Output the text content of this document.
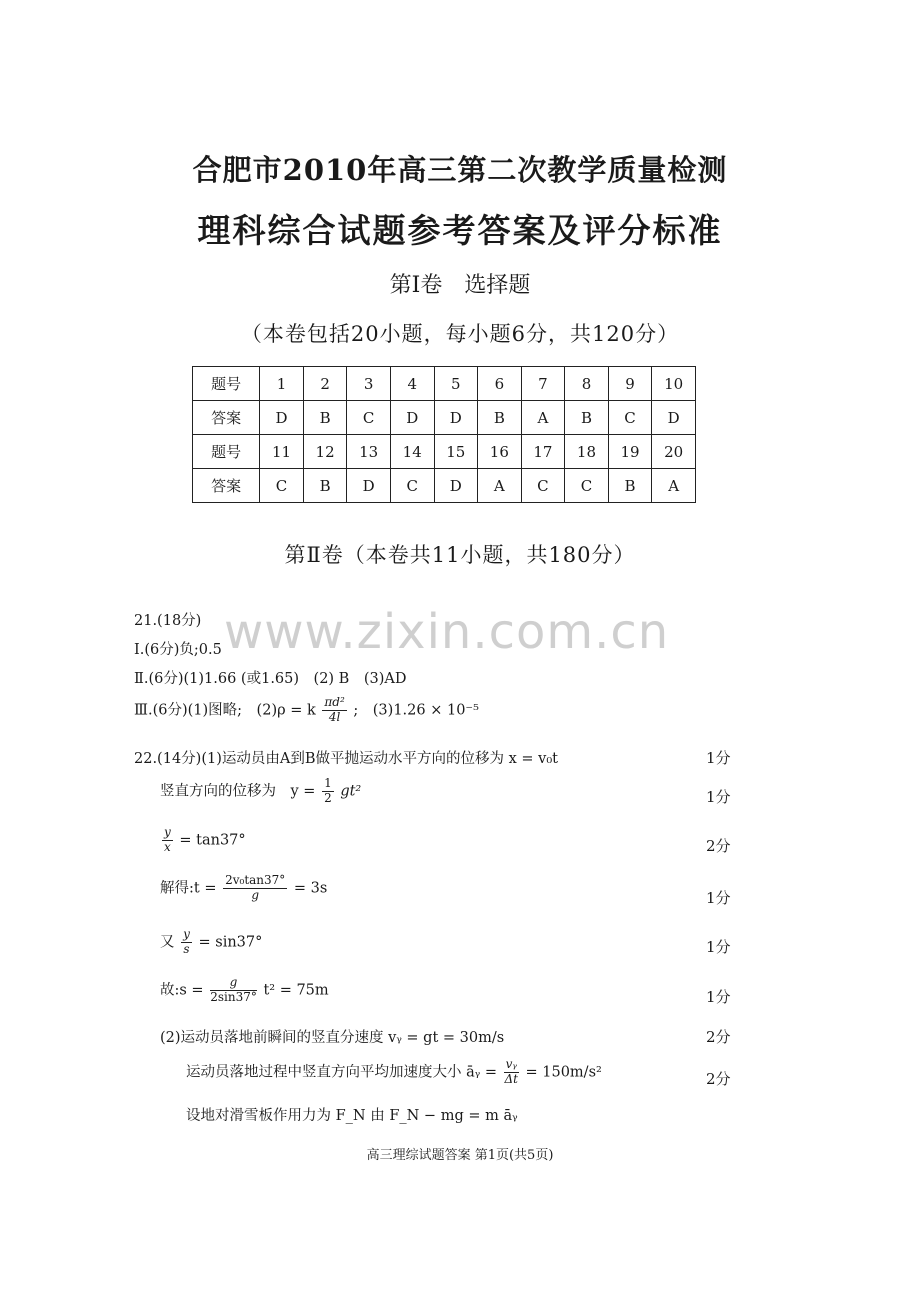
合肥市2010年高三第二次教学质量检测
理科综合试题参考答案及评分标准
第Ⅰ卷　选择题
（本卷包括20小题，每小题6分，共120分）
题号	1	2	3	4	5	6	7	8	9	10
答案	D	B	C	D	D	B	A	B	C	D
题号	11	12	13	14	15	16	17	18	19	20
答案	C	B	D	C	D	A	C	C	B	A
第Ⅱ卷（本卷共11小题，共180分）
www.zixin.com.cn
21.(18分)
Ⅰ.(6分)负;0.5
Ⅱ.(6分)(1)1.66 (或1.65)　(2) B　(3)AD
Ⅲ.(6分)(1)图略;　(2)ρ = k $\frac{\text{πd²}}{4l}$ ;　(3)1.26 × 10⁻⁵
22.(14分)(1)运动员由A到B做平抛运动水平方向的位移为 x = v₀t	1分
竖直方向的位移为　$y = \frac{1}{2} gt^2$	1分
$\frac{y}{x} = \tan 37^\circ$	2分
解得:t = $\frac{\text{2v₀tan37°}}{g} = 3s$
1分
又 $\frac{y}{s} = \sin 37^\circ$	1分
故:s = $\frac{g}{2\sin 37^\circ} t^2 = 75m$	1分
(2)运动员落地前瞬间的竖直分速度 vᵧ = gt = 30m/s	2分
运动员落地过程中竖直方向平均加速度大小 āᵧ = $\frac{\text{vᵧ}}{\Delta t} = 150m/s^2$	2分
设地对滑雪板作用力为 F_N 由 F_N − mg = m āᵧ
高三理综试题答案 第1页(共5页)
